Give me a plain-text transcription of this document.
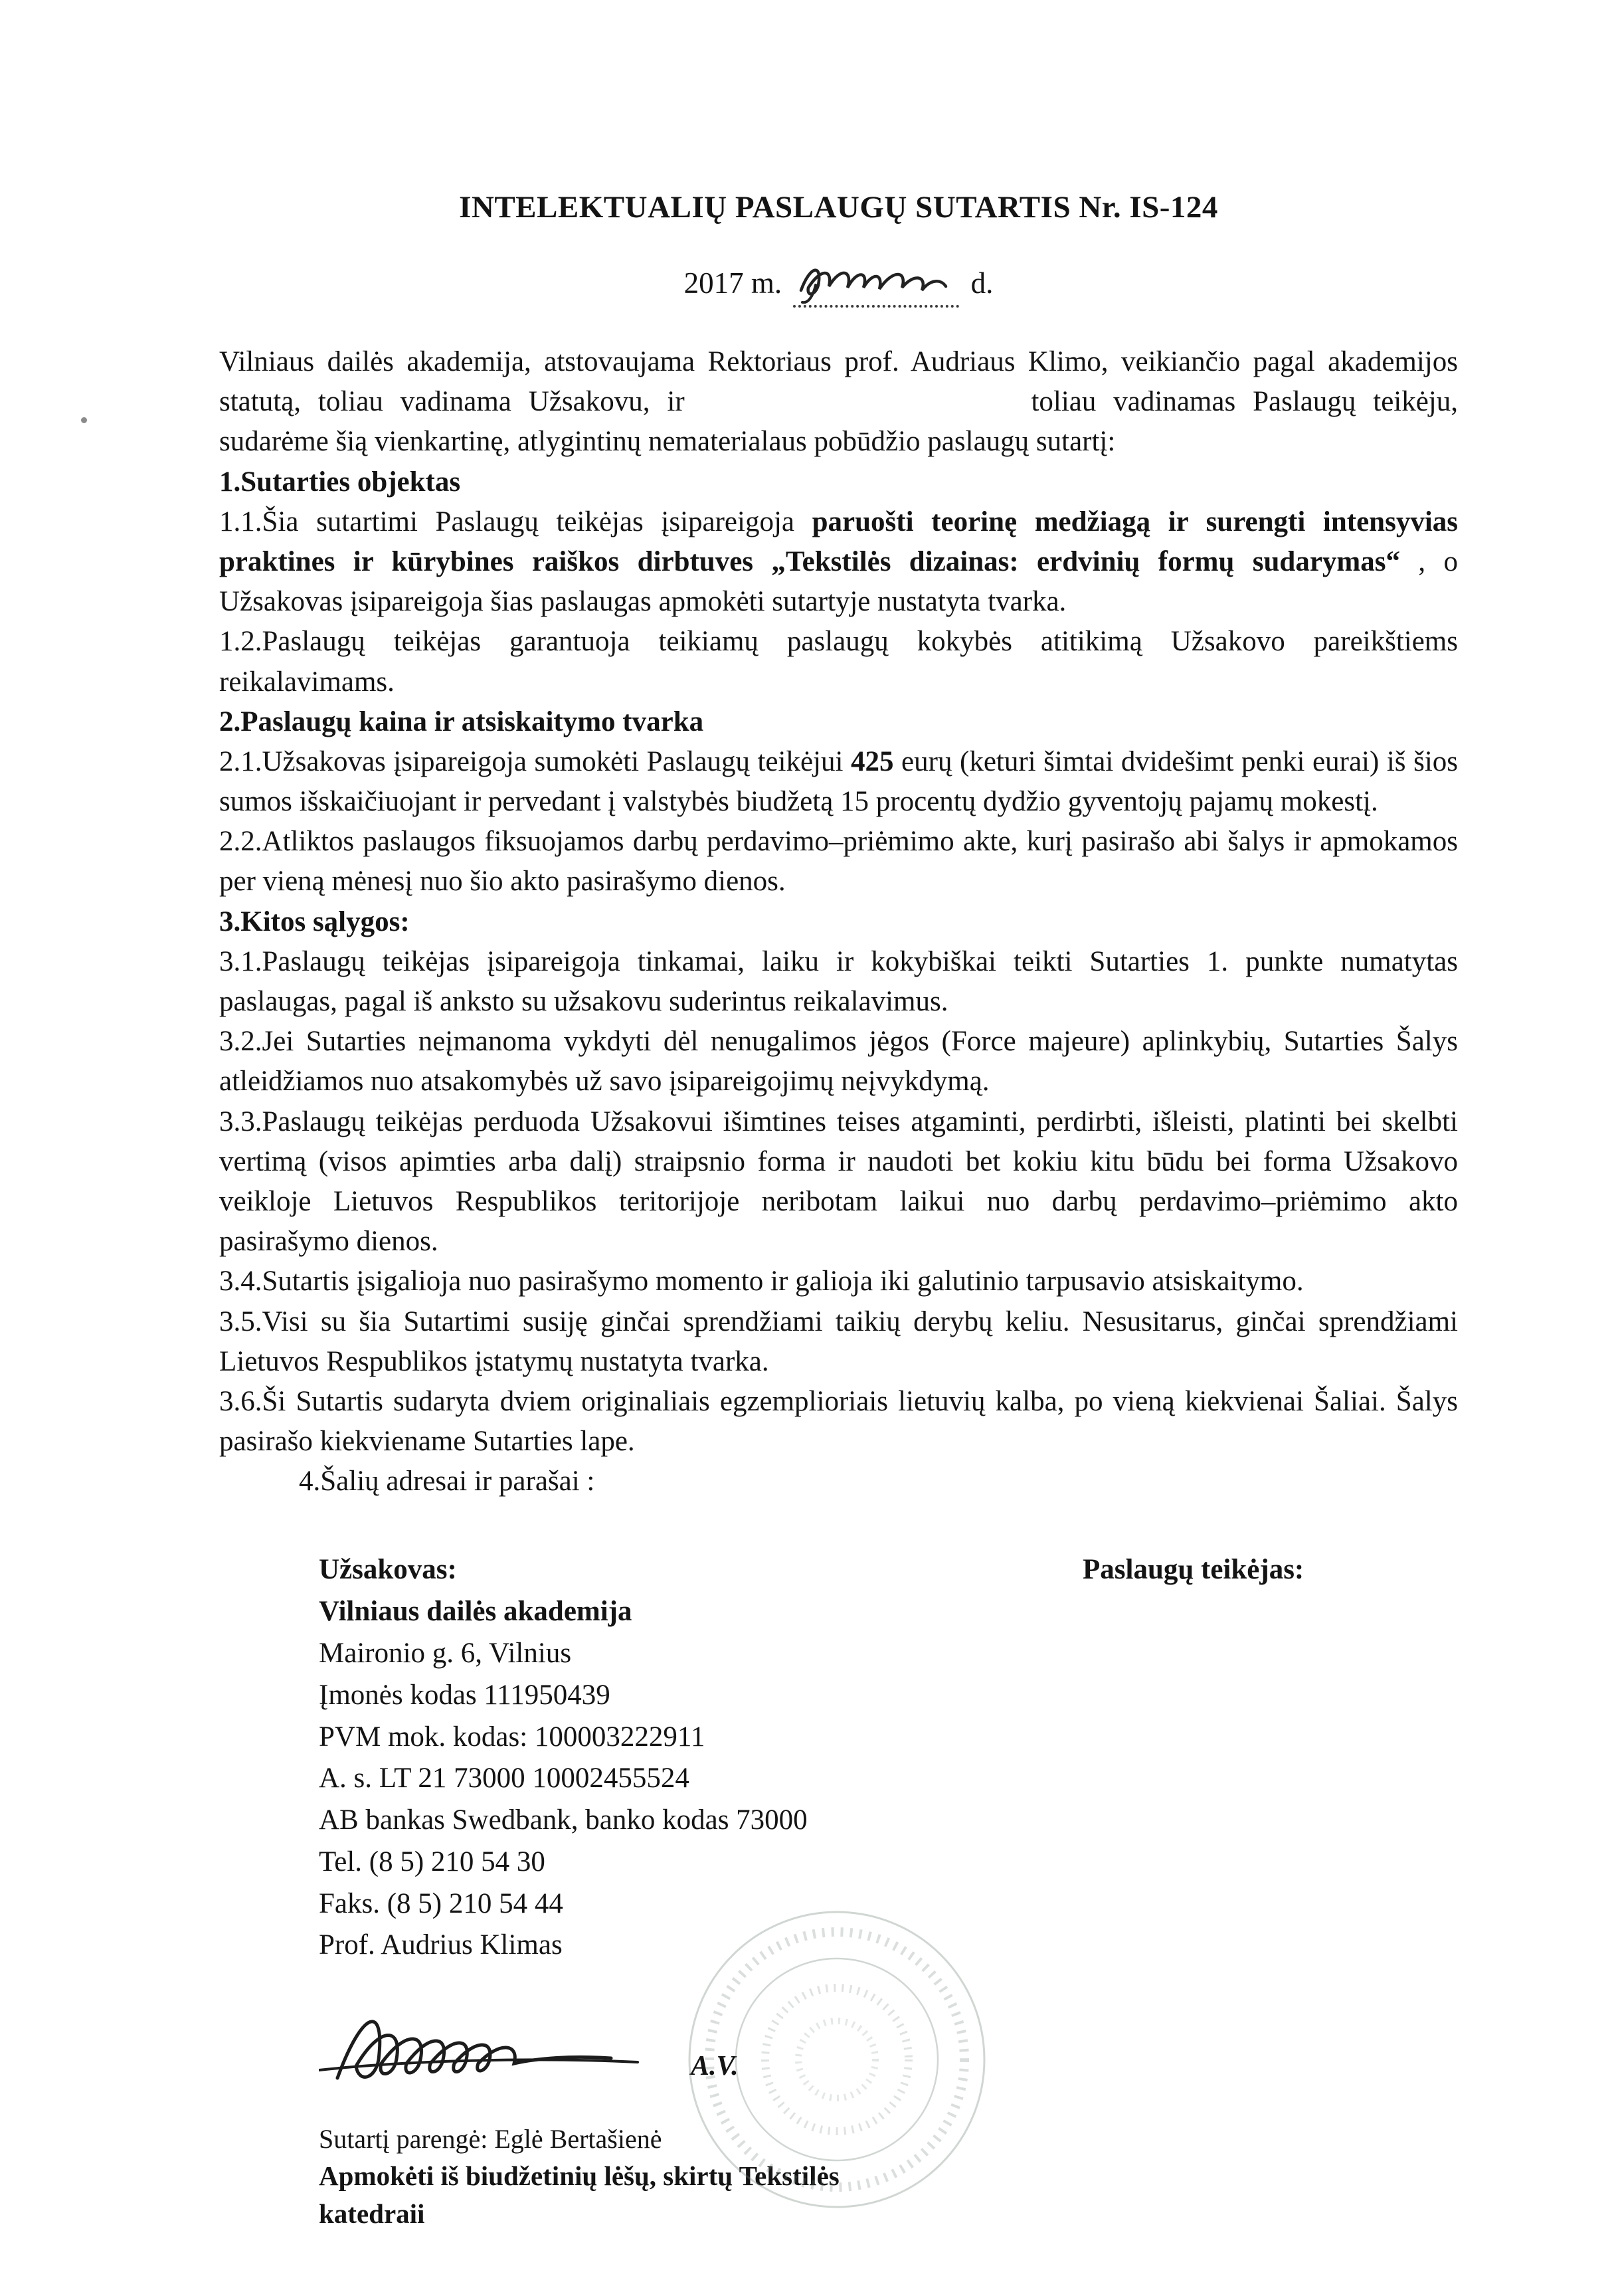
INTELEKTUALIŲ PASLAUGŲ SUTARTIS Nr. IS-124
2017 m.	d.

Vilniaus dailės akademija, atstovaujama Rektoriaus prof. Audriaus Klimo, veikiančio pagal akademijos statutą, toliau vadinama Užsakovu, ir	toliau vadinamas Paslaugų teikėju, sudarėme šią vienkartinę, atlygintinų nematerialaus pobūdžio paslaugų sutartį:

1.Sutarties objektas

1.1.Šia sutartimi Paslaugų teikėjas įsipareigoja paruošti teorinę medžiagą ir surengti intensyvias praktines ir kūrybines raiškos dirbtuves „Tekstilės dizainas: erdvinių formų sudarymas“ , o Užsakovas įsipareigoja šias paslaugas apmokėti sutartyje nustatyta tvarka.

1.2.Paslaugų teikėjas garantuoja teikiamų paslaugų kokybės atitikimą Užsakovo pareikštiems reikalavimams.

2.Paslaugų kaina ir atsiskaitymo tvarka

2.1.Užsakovas įsipareigoja sumokėti Paslaugų teikėjui 425 eurų (keturi šimtai dvidešimt penki eurai) iš šios sumos išskaičiuojant ir pervedant į valstybės biudžetą 15 procentų dydžio gyventojų pajamų mokestį.

2.2.Atliktos paslaugos fiksuojamos darbų perdavimo–priėmimo akte, kurį pasirašo abi šalys ir apmokamos per vieną mėnesį nuo šio akto pasirašymo dienos.

3.Kitos sąlygos:

3.1.Paslaugų teikėjas įsipareigoja tinkamai, laiku ir kokybiškai teikti Sutarties 1. punkte numatytas paslaugas, pagal iš anksto su užsakovu suderintus reikalavimus.

3.2.Jei Sutarties neįmanoma vykdyti dėl nenugalimos jėgos (Force majeure) aplinkybių, Sutarties Šalys atleidžiamos nuo atsakomybės už savo įsipareigojimų neįvykdymą.

3.3.Paslaugų teikėjas perduoda Užsakovui išimtines teises atgaminti, perdirbti, išleisti, platinti bei skelbti vertimą (visos apimties arba dalį) straipsnio forma ir naudoti bet kokiu kitu būdu bei forma Užsakovo veikloje Lietuvos Respublikos teritorijoje neribotam laikui nuo darbų perdavimo–priėmimo akto pasirašymo dienos.

3.4.Sutartis įsigalioja nuo pasirašymo momento ir galioja iki galutinio tarpusavio atsiskaitymo.

3.5.Visi su šia Sutartimi susiję ginčai sprendžiami taikių derybų keliu. Nesusitarus, ginčai sprendžiami Lietuvos Respublikos įstatymų nustatyta tvarka.

3.6.Ši Sutartis sudaryta dviem originaliais egzemplioriais lietuvių kalba, po vieną kiekvienai Šaliai. Šalys pasirašo kiekviename Sutarties lape.

4.Šalių adresai ir parašai :

Užsakovas:
Vilniaus dailės akademija
Maironio g. 6, Vilnius
Įmonės kodas 111950439
PVM mok. kodas: 100003222911
A. s. LT 21 73000 10002455524
AB bankas Swedbank, banko kodas 73000
Tel. (8 5) 210 54 30
Faks. (8 5) 210 54 44
Prof. Audrius Klimas
Paslaugų teikėjas:
A.V.
Sutartį parengė: Eglė Bertašienė
Apmokėti iš biudžetinių lėšų, skirtų Tekstilės katedraii
